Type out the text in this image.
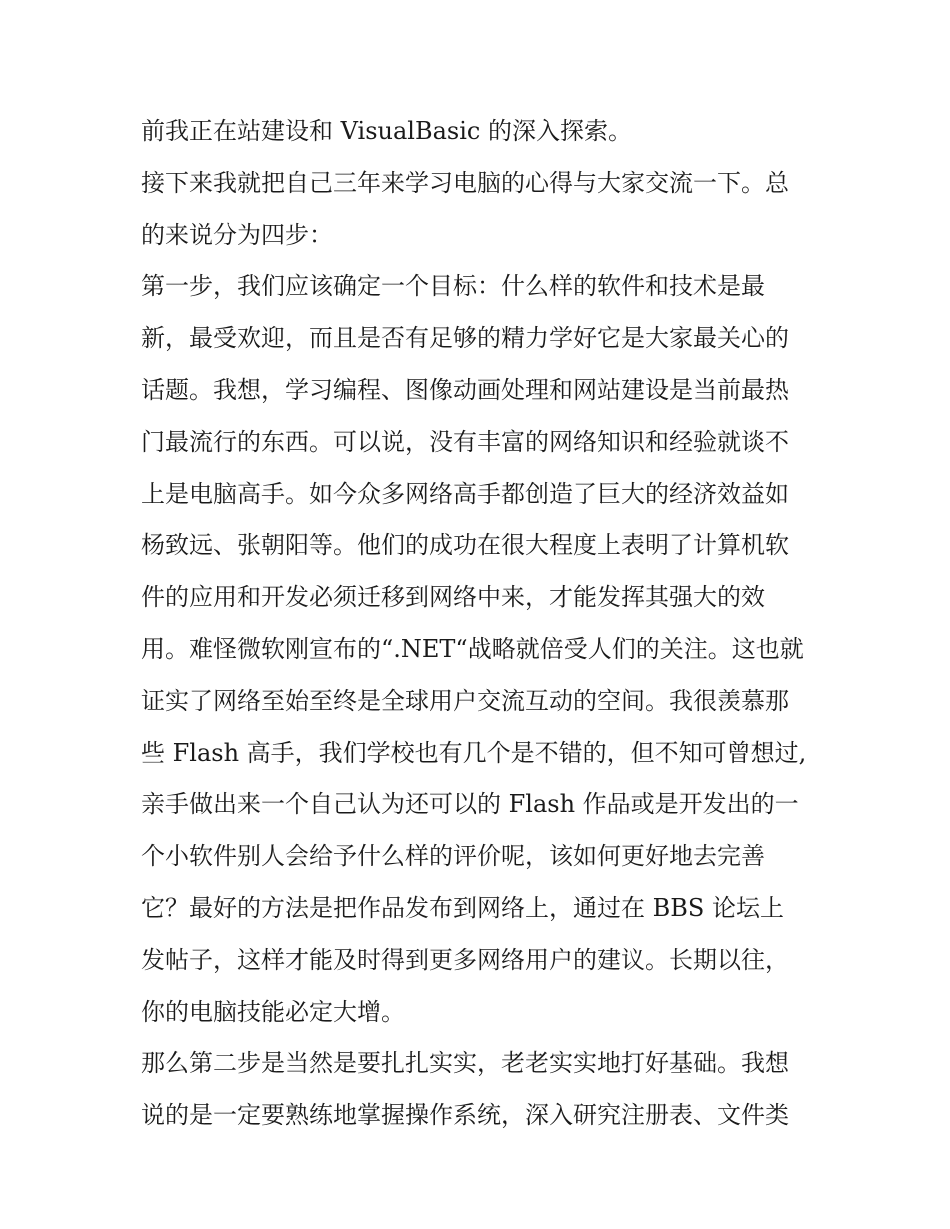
前我正在站建设和 VisualBasic 的深入探索。
接下来我就把自己三年来学习电脑的心得与大家交流一下。总
的来说分为四步：
第一步，我们应该确定一个目标：什么样的软件和技术是最
新，最受欢迎，而且是否有足够的精力学好它是大家最关心的
话题。我想，学习编程、图像动画处理和网站建设是当前最热
门最流行的东西。可以说，没有丰富的网络知识和经验就谈不
上是电脑高手。如今众多网络高手都创造了巨大的经济效益如
杨致远、张朝阳等。他们的成功在很大程度上表明了计算机软
件的应用和开发必须迁移到网络中来，才能发挥其强大的效
用。难怪微软刚宣布的“.NET“战略就倍受人们的关注。这也就
证实了网络至始至终是全球用户交流互动的空间。我很羡慕那
些 Flash 高手，我们学校也有几个是不错的，但不知可曾想过,
亲手做出来一个自己认为还可以的 Flash 作品或是开发出的一
个小软件别人会给予什么样的评价呢，该如何更好地去完善
它？最好的方法是把作品发布到网络上，通过在 BBS 论坛上
发帖子，这样才能及时得到更多网络用户的建议。长期以往，
你的电脑技能必定大增。
那么第二步是当然是要扎扎实实，老老实实地打好基础。我想
说的是一定要熟练地掌握操作系统，深入研究注册表、文件类
